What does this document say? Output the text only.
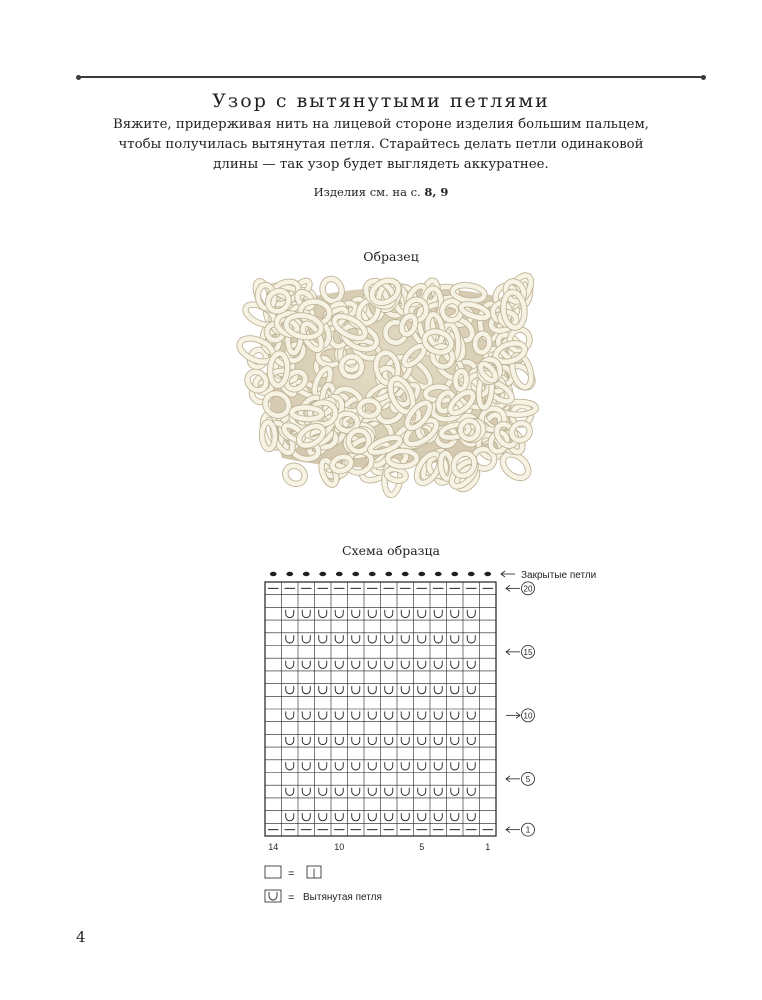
Узор с вытянутыми петлями

Вяжите, придерживая нить на лицевой стороне изделия большим пальцем, чтобы получилась вытянутая петля. Старайтесь делать петли одинаковой длины — так узор будет выглядеть аккуратнее.

Изделия см. на с. 8, 9
Образец
Схема образца
Закрытые петли
20
15
10
5
1
14	10	5	1
= |
= Вытянутая петля
4
